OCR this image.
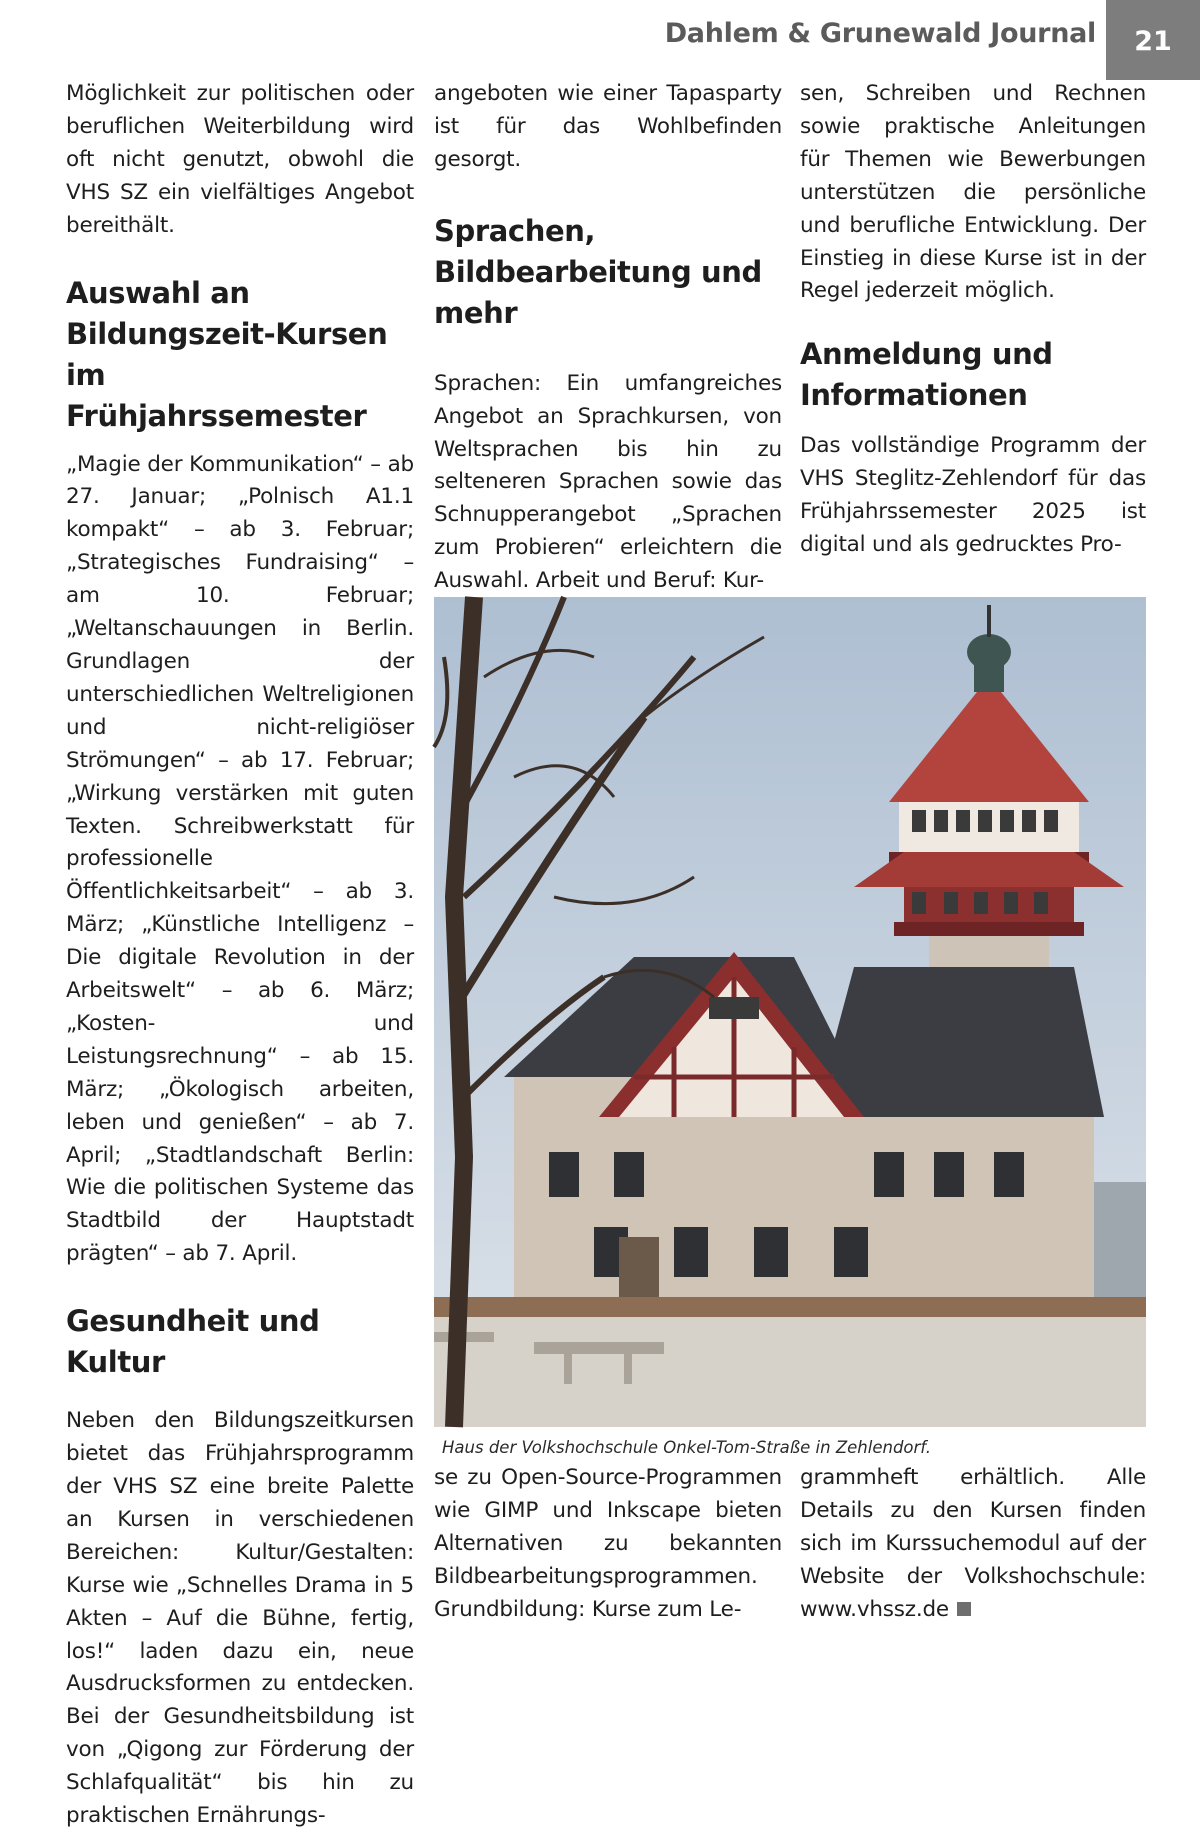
Dahlem & Grunewald Journal	21

Möglichkeit zur politischen oder beruflichen Weiterbildung wird oft nicht genutzt, obwohl die VHS SZ ein vielfältiges Angebot bereithält.

Auswahl an Bildungszeit-Kursen im Frühjahrssemester

„Magie der Kommunikation“ – ab 27. Januar; „Polnisch A1.1 kompakt“ – ab 3. Februar; „Strategisches Fundraising“ – am 10. Februar; „Weltanschauungen in Berlin. Grundlagen der unterschiedlichen Weltreligionen und nicht-religiöser Strömungen“ – ab 17. Februar; „Wirkung verstärken mit guten Texten. Schreibwerkstatt für professionelle Öffentlichkeitsarbeit“ – ab 3. März; „Künstliche Intelligenz – Die digitale Revolution in der Arbeitswelt“ – ab 6. März; „Kosten- und Leistungsrechnung“ – ab 15. März; „Ökologisch arbeiten, leben und genießen“ – ab 7. April; „Stadtlandschaft Berlin: Wie die politischen Systeme das Stadtbild der Hauptstadt prägten“ – ab 7. April.

Gesundheit und Kultur

Neben den Bildungszeitkursen bietet das Frühjahrsprogramm der VHS SZ eine breite Palette an Kursen in verschiedenen Bereichen: Kultur/Gestalten: Kurse wie „Schnelles Drama in 5 Akten – Auf die Bühne, fertig, los!“ laden dazu ein, neue Ausdrucksformen zu entdecken. Bei der Gesundheitsbildung ist von „Qigong zur Förderung der Schlafqualität“ bis hin zu praktischen Ernährungs-

angeboten wie einer Tapasparty ist für das Wohlbefinden gesorgt.

Sprachen, Bildbearbeitung und mehr

Sprachen: Ein umfangreiches Angebot an Sprachkursen, von Weltsprachen bis hin zu selteneren Sprachen sowie das Schnupperangebot „Sprachen zum Probieren“ erleichtern die Auswahl. Arbeit und Beruf: Kur-

sen, Schreiben und Rechnen sowie praktische Anleitungen für Themen wie Bewerbungen unterstützen die persönliche und berufliche Entwicklung. Der Einstieg in diese Kurse ist in der Regel jederzeit möglich.

Anmeldung und Informationen

Das vollständige Programm der VHS Steglitz-Zehlendorf für das Frühjahrssemester 2025 ist digital und als gedrucktes Pro-

Haus der Volkshochschule Onkel-Tom-Straße in Zehlendorf.

se zu Open-Source-Programmen wie GIMP und Inkscape bieten Alternativen zu bekannten Bildbearbeitungsprogrammen. Grundbildung: Kurse zum Le-

grammheft erhältlich. Alle Details zu den Kursen finden sich im Kurssuchemodul auf der Website der Volkshochschule: www.vhssz.de
